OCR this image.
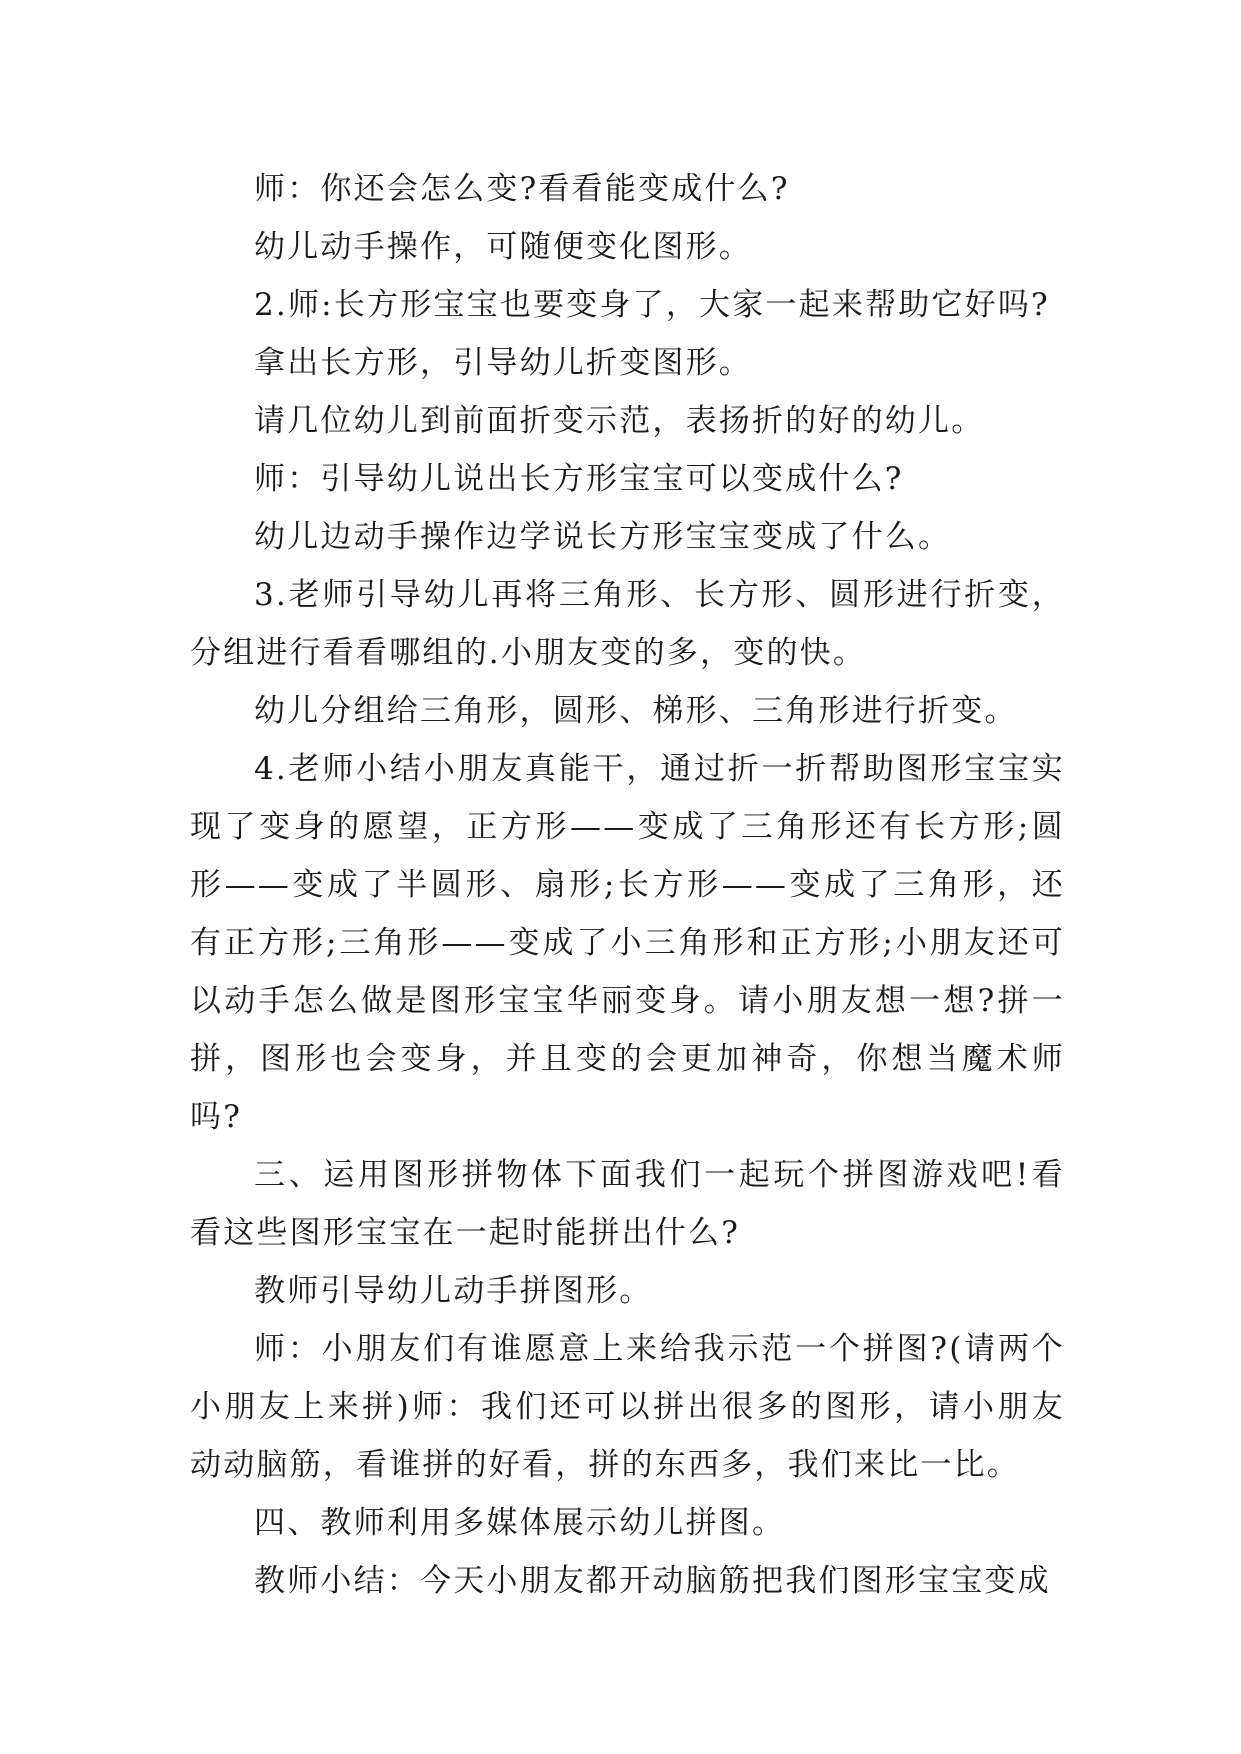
师：你还会怎么变?看看能变成什么?

幼儿动手操作，可随便变化图形。

2.师:长方形宝宝也要变身了，大家一起来帮助它好吗?

拿出长方形，引导幼儿折变图形。

请几位幼儿到前面折变示范，表扬折的好的幼儿。

师：引导幼儿说出长方形宝宝可以变成什么?

幼儿边动手操作边学说长方形宝宝变成了什么。

3.老师引导幼儿再将三角形、长方形、圆形进行折变，分组进行看看哪组的.小朋友变的多，变的快。

幼儿分组给三角形，圆形、梯形、三角形进行折变。

4.老师小结小朋友真能干，通过折一折帮助图形宝宝实现了变身的愿望，正方形——变成了三角形还有长方形;圆形——变成了半圆形、扇形;长方形——变成了三角形，还有正方形;三角形——变成了小三角形和正方形;小朋友还可以动手怎么做是图形宝宝华丽变身。请小朋友想一想?拼一拼，图形也会变身，并且变的会更加神奇，你想当魔术师吗?

三、运用图形拼物体下面我们一起玩个拼图游戏吧!看看这些图形宝宝在一起时能拼出什么?

教师引导幼儿动手拼图形。

师：小朋友们有谁愿意上来给我示范一个拼图?(请两个小朋友上来拼)师：我们还可以拼出很多的图形，请小朋友动动脑筋，看谁拼的好看，拼的东西多，我们来比一比。

四、教师利用多媒体展示幼儿拼图。

教师小结：今天小朋友都开动脑筋把我们图形宝宝变成
